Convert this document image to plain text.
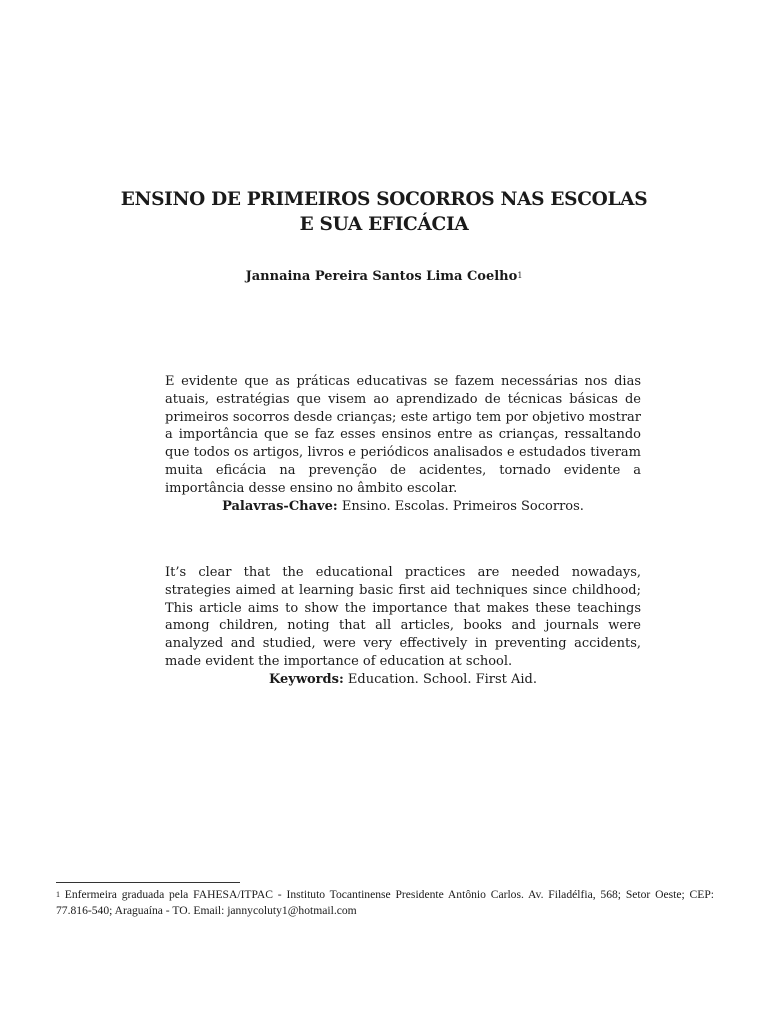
ENSINO DE PRIMEIROS SOCORROS NAS ESCOLAS
E SUA EFICÁCIA
Jannaina Pereira Santos Lima Coelho$^1$

E evidente que as práticas educativas se fazem necessárias nos dias atuais, estratégias que visem ao aprendizado de técnicas básicas de primeiros socorros desde crianças; este artigo tem por objetivo mostrar a importância que se faz esses ensinos entre as crianças, ressaltando que todos os artigos, livros e periódicos analisados e estudados tiveram muita eficácia na prevenção de acidentes, tornado evidente a importância desse ensino no âmbito escolar.

Palavras-Chave: Ensino. Escolas. Primeiros Socorros.

It’s clear that the educational practices are needed nowadays, strategies aimed at learning basic first aid techniques since childhood; This article aims to show the importance that makes these teachings among children, noting that all articles, books and journals were analyzed and studied, were very effectively in preventing accidents, made evident the importance of education at school.

Keywords: Education. School. First Aid.

$^1$ Enfermeira graduada pela FAHESA/ITPAC - Instituto Tocantinense Presidente Antônio Carlos. Av. Filadélfia, 568; Setor Oeste; CEP: 77.816-540; Araguaína - TO. Email: jannycoluty1@hotmail.com
